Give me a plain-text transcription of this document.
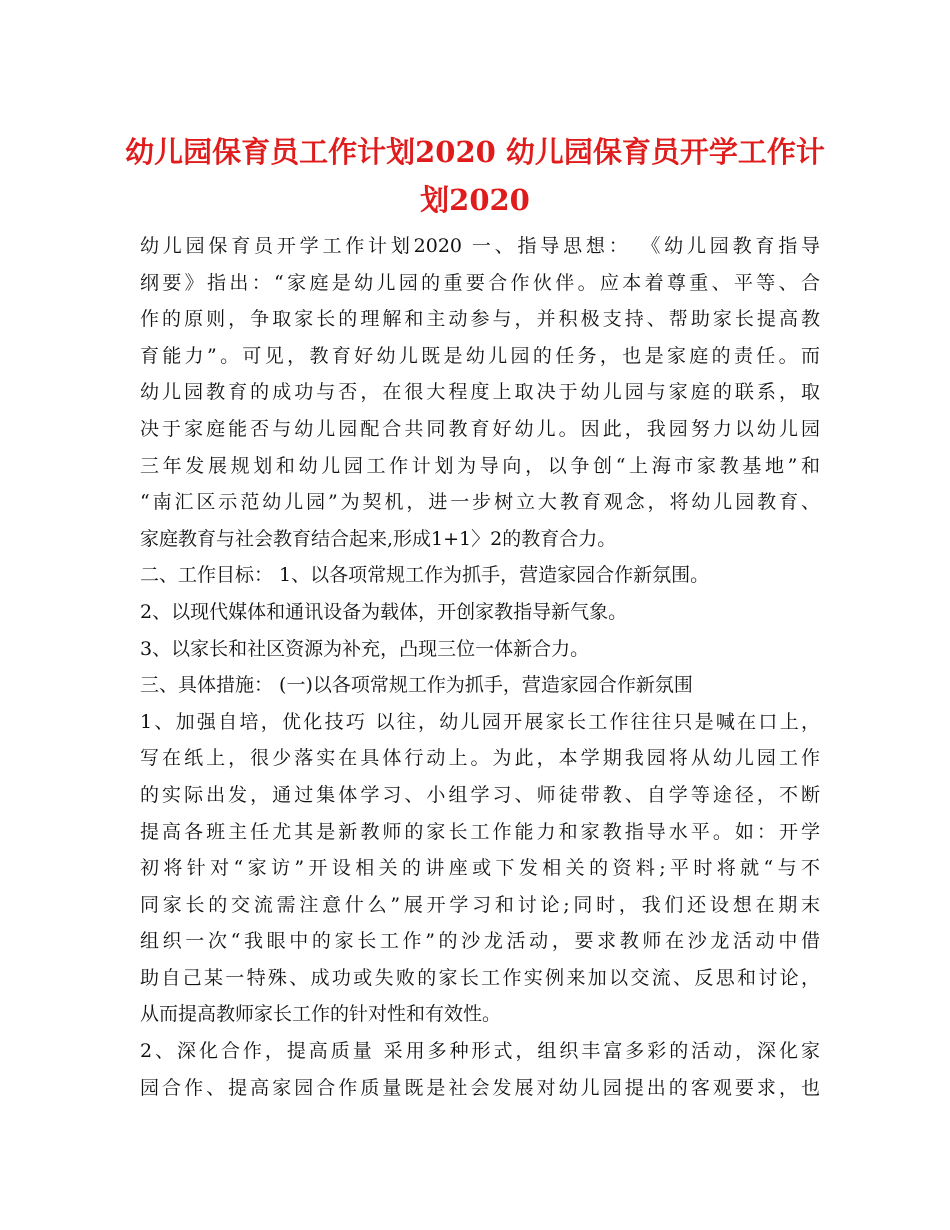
幼儿园保育员工作计划2020 幼儿园保育员开学工作计
划2020
幼儿园保育员开学工作计划2020 一、指导思想： 《幼儿园教育指导
纲要》指出：“家庭是幼儿园的重要合作伙伴。应本着尊重、平等、合
作的原则，争取家长的理解和主动参与，并积极支持、帮助家长提高教
育能力”。可见，教育好幼儿既是幼儿园的任务，也是家庭的责任。而
幼儿园教育的成功与否，在很大程度上取决于幼儿园与家庭的联系，取
决于家庭能否与幼儿园配合共同教育好幼儿。因此，我园努力以幼儿园
三年发展规划和幼儿园工作计划为导向，以争创“上海市家教基地”和
“南汇区示范幼儿园”为契机，进一步树立大教育观念，将幼儿园教育、
家庭教育与社会教育结合起来,形成1+1〉2的教育合力。
二、工作目标： 1、以各项常规工作为抓手，营造家园合作新氛围。
2、以现代媒体和通讯设备为载体，开创家教指导新气象。
3、以家长和社区资源为补充，凸现三位一体新合力。
三、具体措施： (一)以各项常规工作为抓手，营造家园合作新氛围
1、加强自培，优化技巧 以往，幼儿园开展家长工作往往只是喊在口上，
写在纸上，很少落实在具体行动上。为此，本学期我园将从幼儿园工作
的实际出发，通过集体学习、小组学习、师徒带教、自学等途径，不断
提高各班主任尤其是新教师的家长工作能力和家教指导水平。如：开学
初将针对“家访”开设相关的讲座或下发相关的资料;平时将就“与不
同家长的交流需注意什么”展开学习和讨论;同时，我们还设想在期末
组织一次“我眼中的家长工作”的沙龙活动，要求教师在沙龙活动中借
助自己某一特殊、成功或失败的家长工作实例来加以交流、反思和讨论，
从而提高教师家长工作的针对性和有效性。
2、深化合作，提高质量 采用多种形式，组织丰富多彩的活动，深化家
园合作、提高家园合作质量既是社会发展对幼儿园提出的客观要求，也
